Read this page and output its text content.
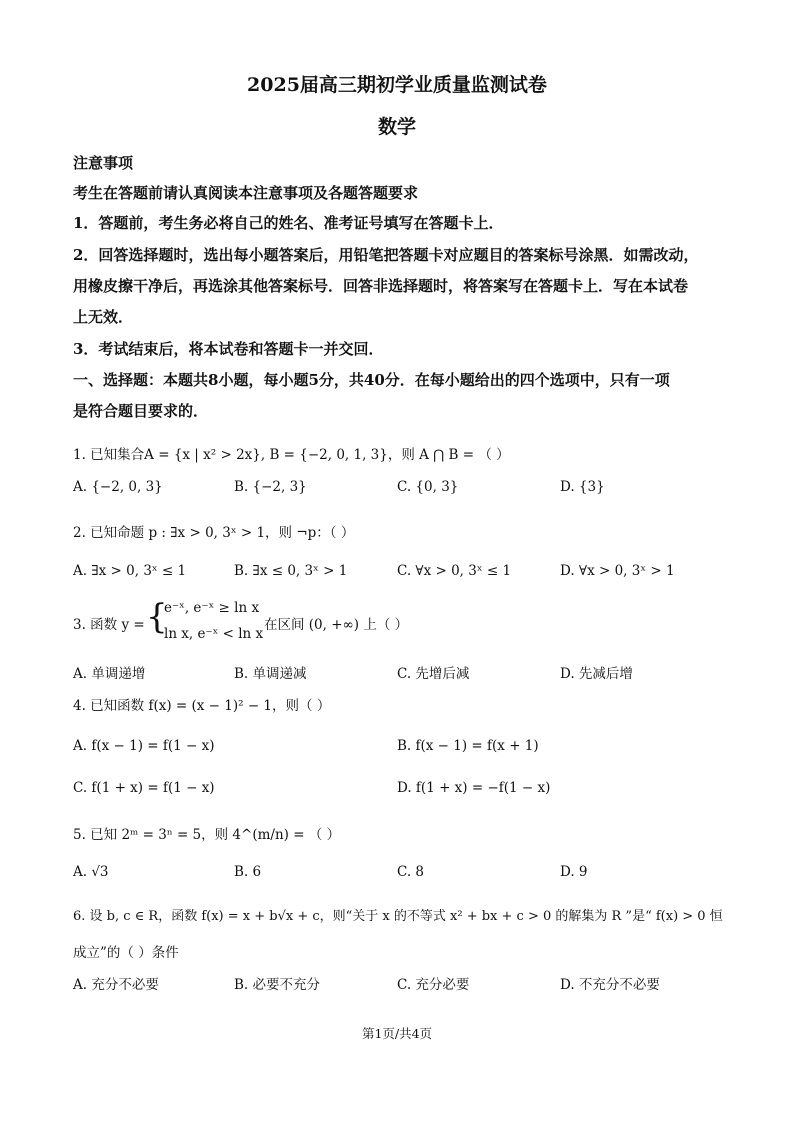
2025届高三期初学业质量监测试卷
数学
注意事项
考生在答题前请认真阅读本注意事项及各题答题要求
1．答题前，考生务必将自己的姓名、准考证号填写在答题卡上．
2．回答选择题时，选出每小题答案后，用铅笔把答题卡对应题目的答案标号涂黑．如需改动，
用橡皮擦干净后，再选涂其他答案标号．回答非选择题时，将答案写在答题卡上．写在本试卷
上无效．
3．考试结束后，将本试卷和答题卡一并交回．
一、选择题：本题共8小题，每小题5分，共40分．在每小题给出的四个选项中，只有一项
是符合题目要求的．
1. 已知集合A = {x | x² > 2x}, B = {−2, 0, 1, 3}，则 A ⋂ B = （ ）
A. {−2, 0, 3}	B. {−2, 3}	C. {0, 3}	D. {3}
2. 已知命题 p : ∃x > 0, 3ˣ > 1，则 ¬p：（ ）
A. ∃x > 0, 3ˣ ≤ 1	B. ∃x ≤ 0, 3ˣ > 1	C. ∀x > 0, 3ˣ ≤ 1	D. ∀x > 0, 3ˣ > 1
3. 函数 y = {
e⁻ˣ, e⁻ˣ ≥ ln x
ln x, e⁻ˣ < ln x
在区间 (0, +∞) 上（ ）
A. 单调递增	B. 单调递减	C. 先增后减	D. 先减后增
4. 已知函数 f(x) = (x − 1)² − 1，则（ ）
A. f(x − 1) = f(1 − x)	B. f(x − 1) = f(x + 1)
C. f(1 + x) = f(1 − x)	D. f(1 + x) = −f(1 − x)
5. 已知 2ᵐ = 3ⁿ = 5，则 4^(m/n) = （ ）
A. √3	B. 6	C. 8	D. 9
6. 设 b, c ∈ R，函数 f(x) = x + b√x + c，则“关于 x 的不等式 x² + bx + c > 0 的解集为 R ”是“ f(x) > 0 恒
成立”的（ ）条件
A. 充分不必要	B. 必要不充分	C. 充分必要	D. 不充分不必要
第1页/共4页
